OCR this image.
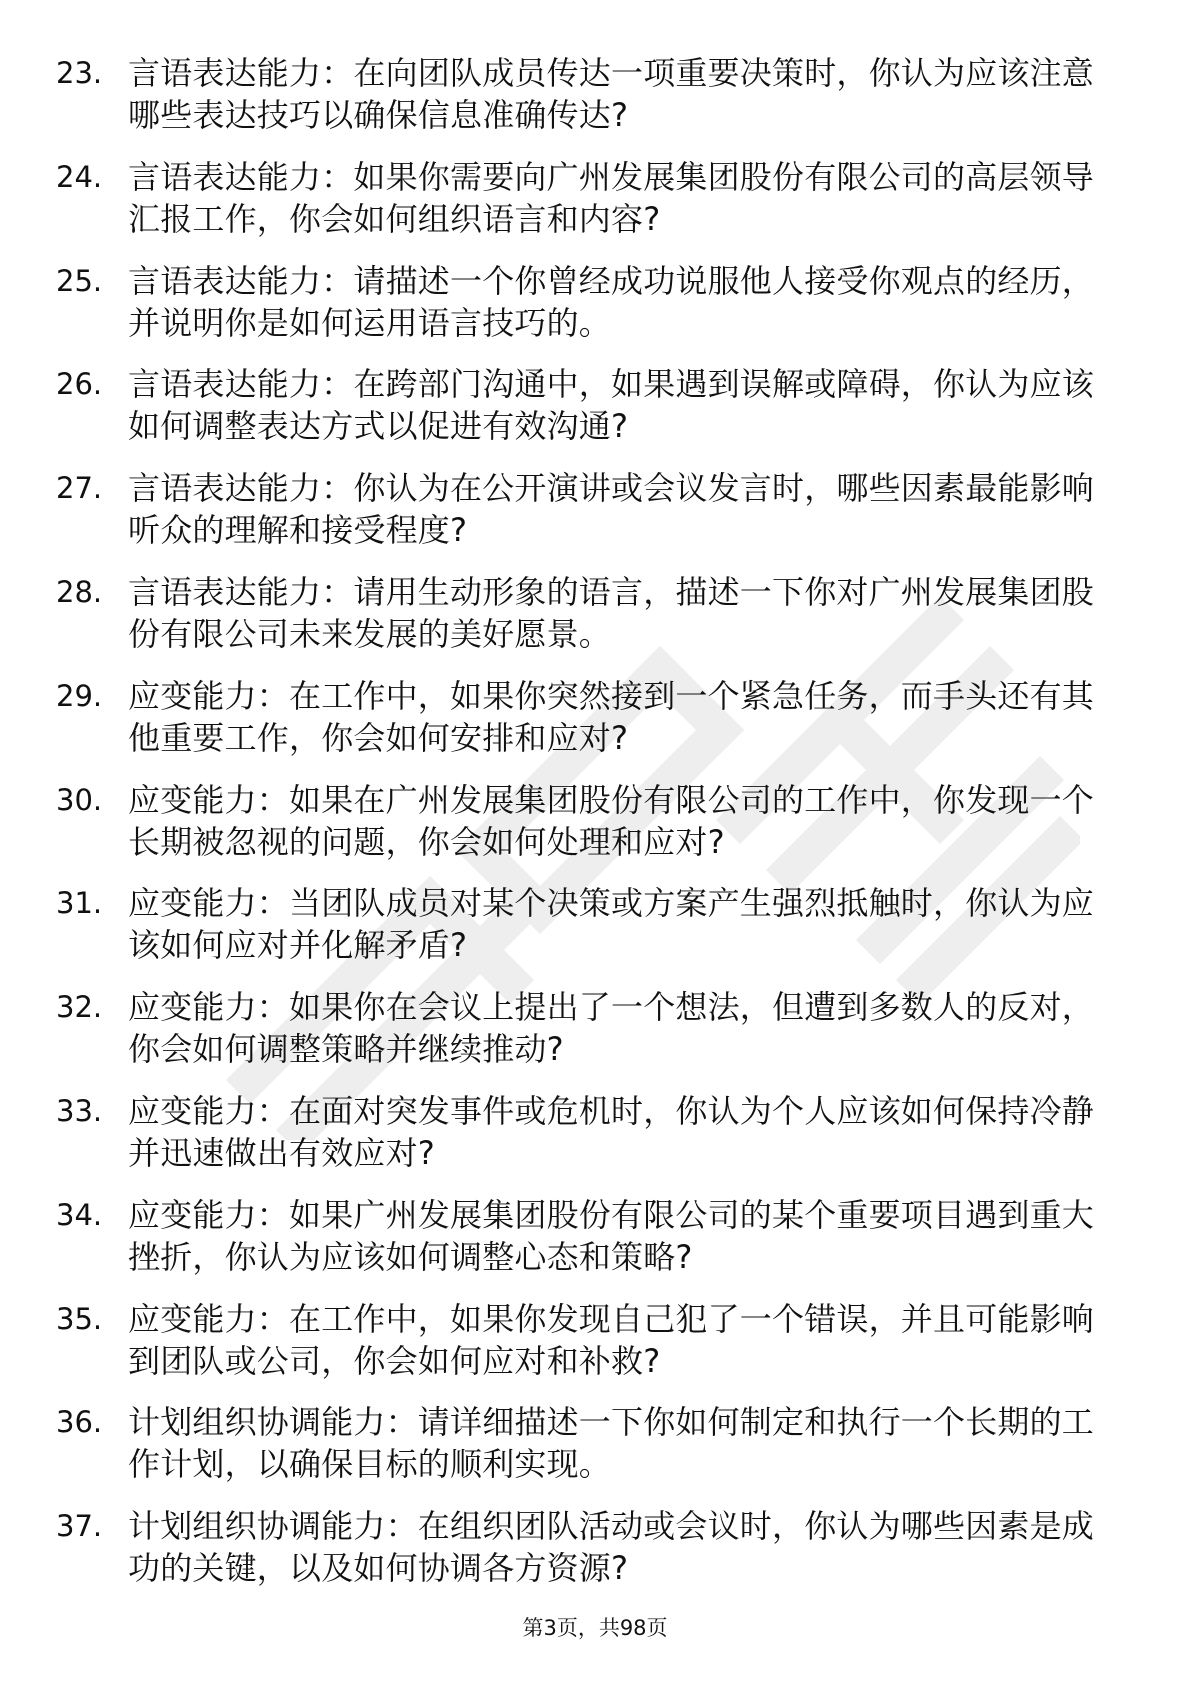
23. 言语表达能力：在向团队成员传达一项重要决策时，你认为应该注意哪些表达技巧以确保信息准确传达?
24. 言语表达能力：如果你需要向广州发展集团股份有限公司的高层领导汇报工作，你会如何组织语言和内容?
25. 言语表达能力：请描述一个你曾经成功说服他人接受你观点的经历，并说明你是如何运用语言技巧的。
26. 言语表达能力：在跨部门沟通中，如果遇到误解或障碍，你认为应该如何调整表达方式以促进有效沟通?
27. 言语表达能力：你认为在公开演讲或会议发言时，哪些因素最能影响听众的理解和接受程度?
28. 言语表达能力：请用生动形象的语言，描述一下你对广州发展集团股份有限公司未来发展的美好愿景。
29. 应变能力：在工作中，如果你突然接到一个紧急任务，而手头还有其他重要工作，你会如何安排和应对?
30. 应变能力：如果在广州发展集团股份有限公司的工作中，你发现一个长期被忽视的问题，你会如何处理和应对?
31. 应变能力：当团队成员对某个决策或方案产生强烈抵触时，你认为应该如何应对并化解矛盾?
32. 应变能力：如果你在会议上提出了一个想法，但遭到多数人的反对，你会如何调整策略并继续推动?
33. 应变能力：在面对突发事件或危机时，你认为个人应该如何保持冷静并迅速做出有效应对?
34. 应变能力：如果广州发展集团股份有限公司的某个重要项目遇到重大挫折，你认为应该如何调整心态和策略?
35. 应变能力：在工作中，如果你发现自己犯了一个错误，并且可能影响到团队或公司，你会如何应对和补救?
36. 计划组织协调能力：请详细描述一下你如何制定和执行一个长期的工作计划，以确保目标的顺利实现。
37. 计划组织协调能力：在组织团队活动或会议时，你认为哪些因素是成功的关键，以及如何协调各方资源?
第3页，共98页
